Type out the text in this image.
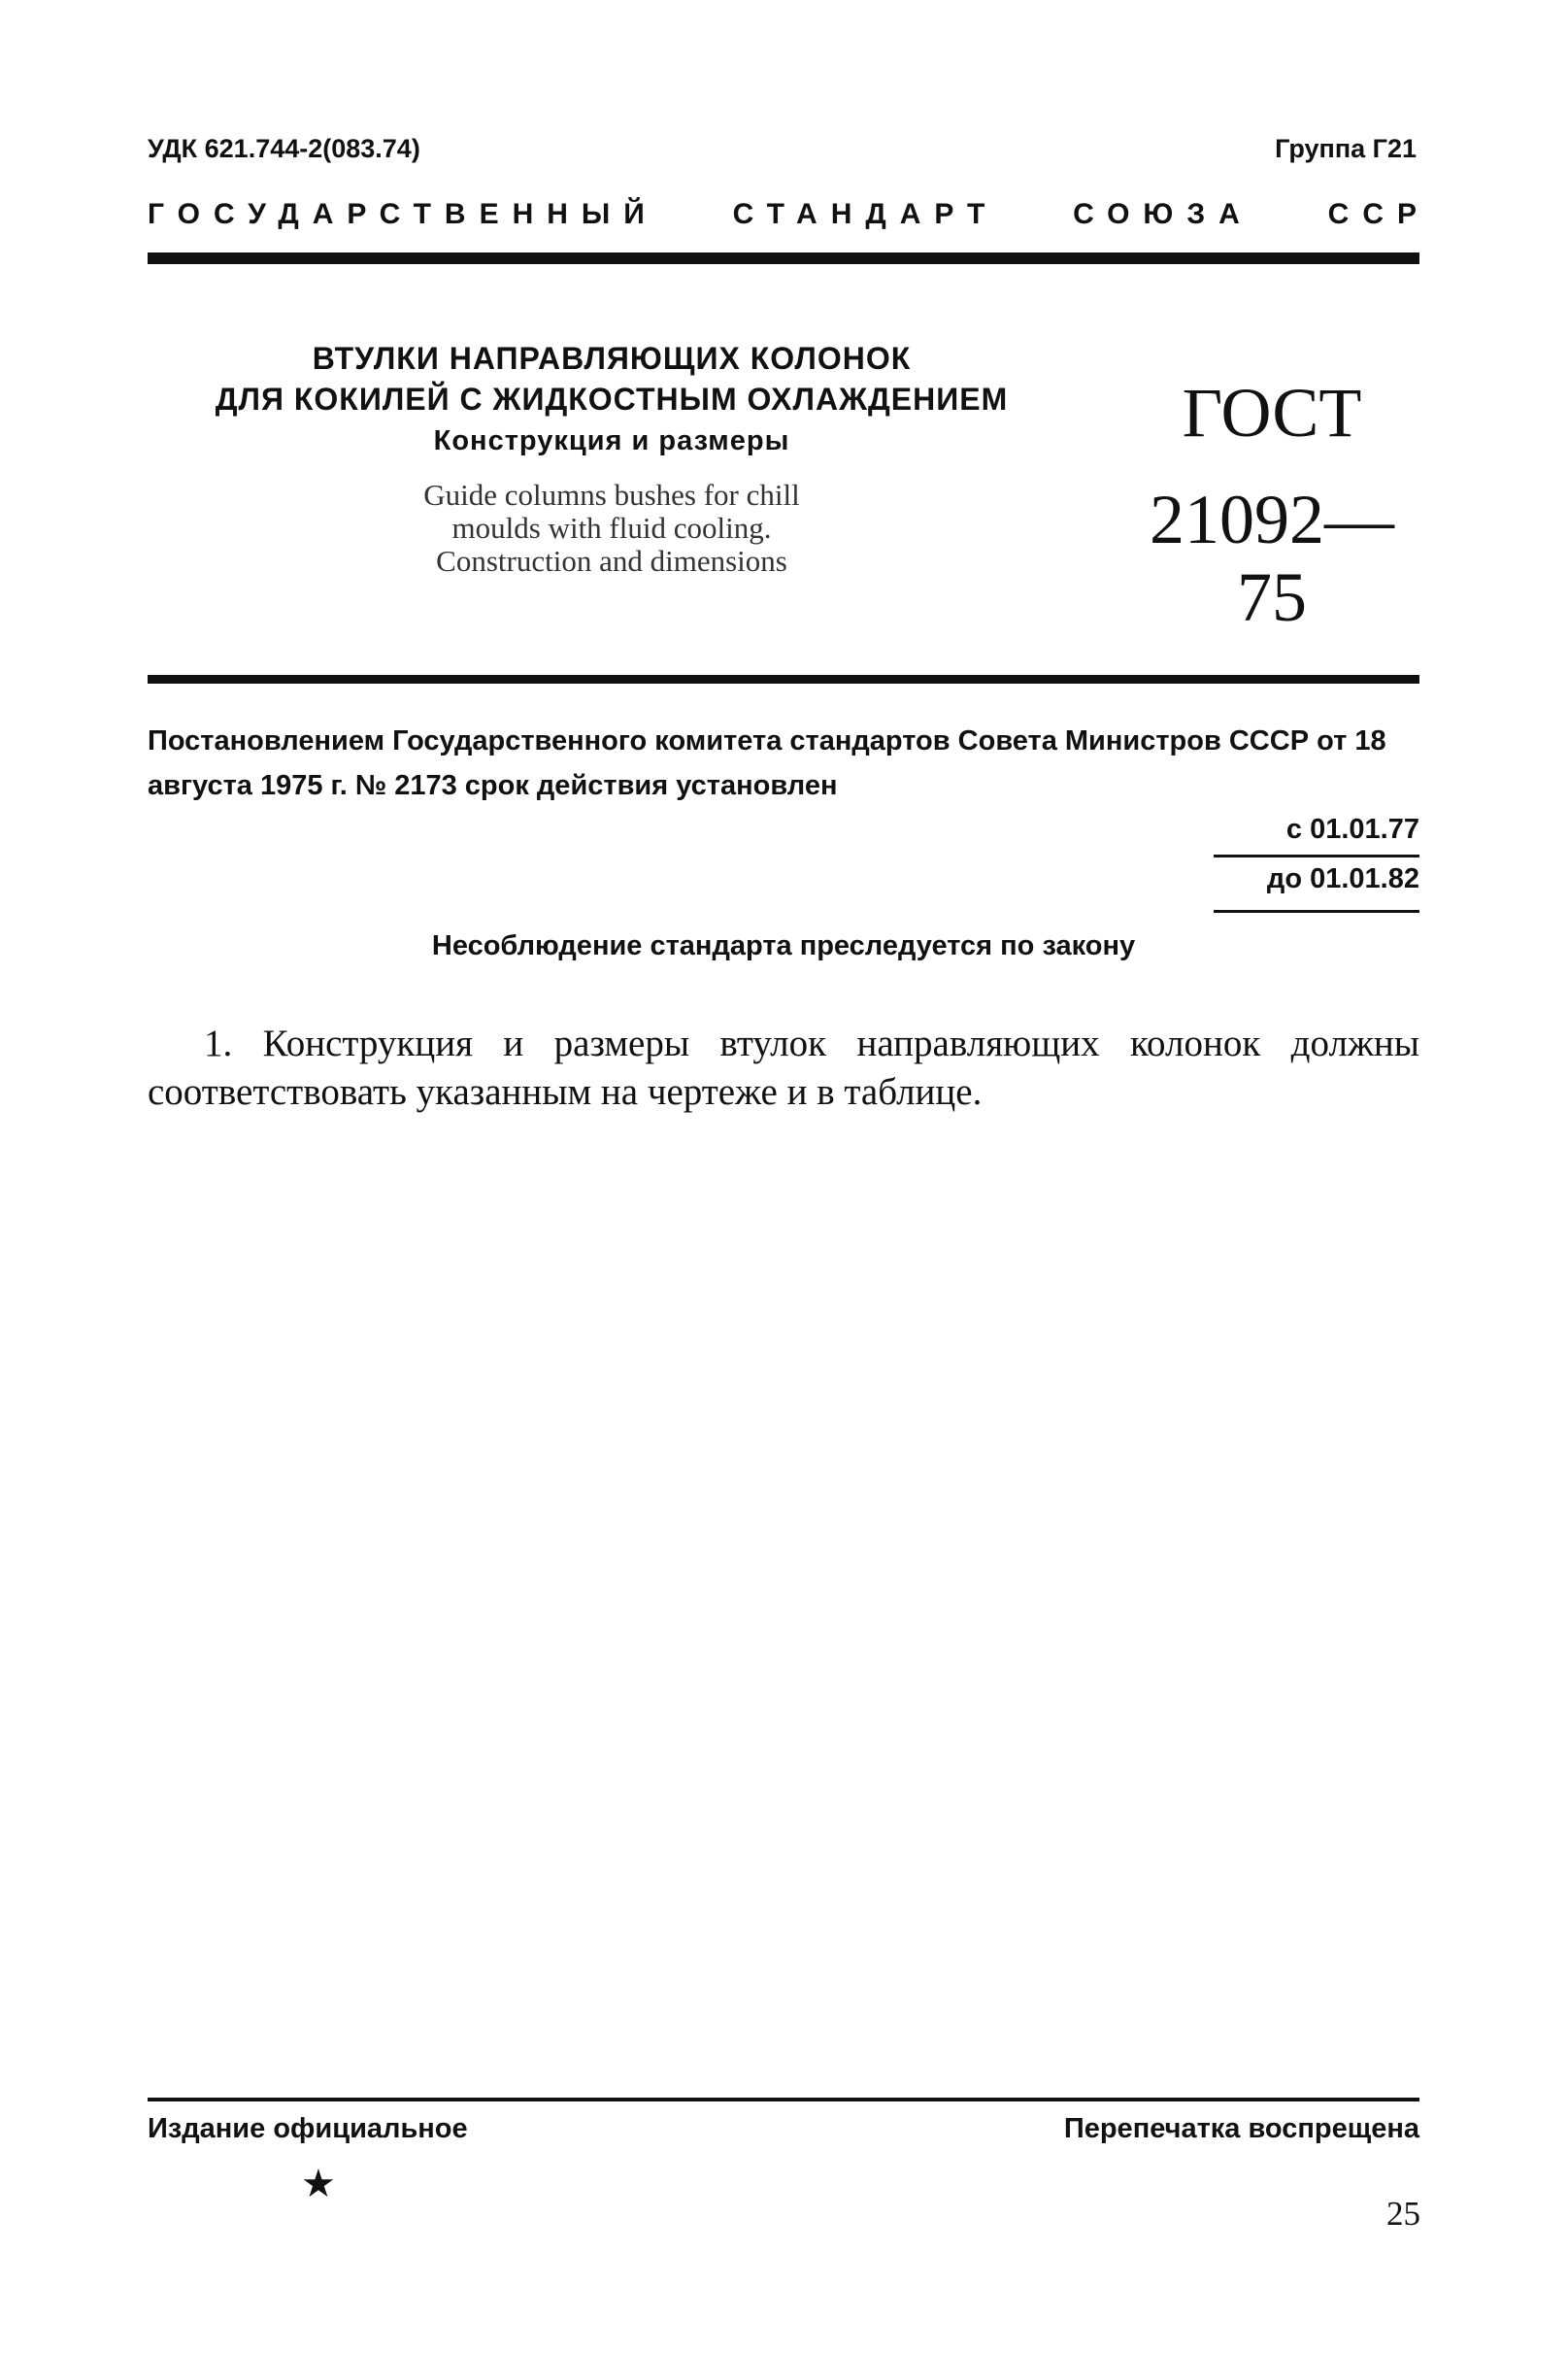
УДК 621.744-2(083.74)	Группа Г21
ГОСУДАРСТВЕННЫЙ	СТАНДАРТ	СОЮЗА	ССР
ВТУЛКИ НАПРАВЛЯЮЩИХ КОЛОНОК
ДЛЯ КОКИЛЕЙ С ЖИДКОСТНЫМ ОХЛАЖДЕНИЕМ
Конструкция и размеры
Guide columns bushes for chill
moulds with fluid cooling.
Construction and dimensions
ГОСТ
21092—75
Постановлением Государственного комитета стандартов Совета Министров СССР от 18 августа 1975 г. № 2173 срок действия установлен
с 01.01.77
до 01.01.82
Несоблюдение стандарта преследуется по закону
1. Конструкция и размеры втулок направляющих колонок должны соответствовать указанным на чертеже и в таблице.
Издание официальное
★
Перепечатка воспрещена
25
